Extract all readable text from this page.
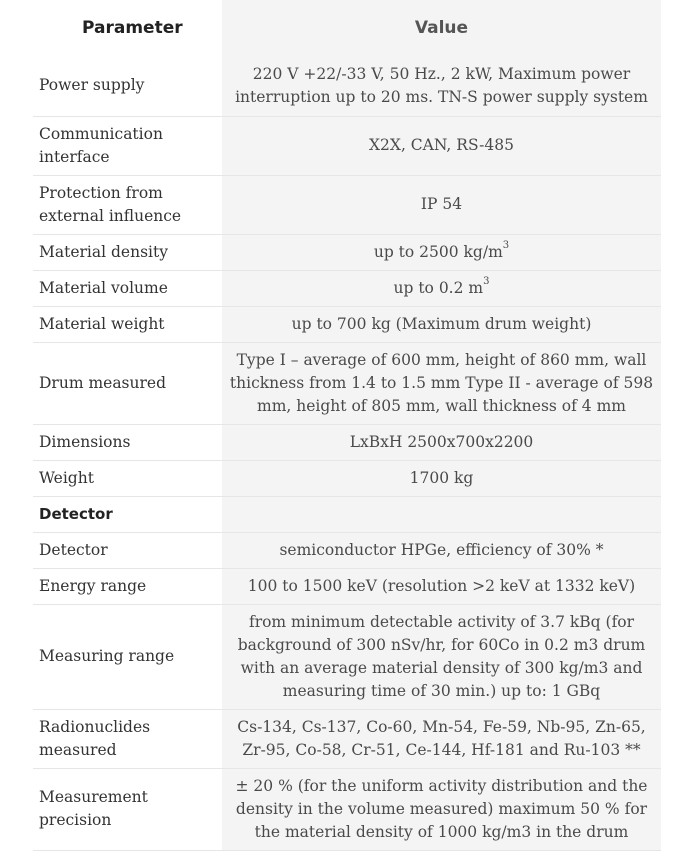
Parameter	Value
Power supply	220 V +22/-33 V, 50 Hz., 2 kW, Maximum power interruption up to 20 ms. TN-S power supply system
Communication interface	X2X, CAN, RS-485
Protection from external influence	IP 54
Material density	up to 2500 $kg/m^3$
Material volume	up to 0.2 $m^3$
Material weight	up to 700 kg (Maximum drum weight)
Drum measured	Type I – average of 600 mm, height of 860 mm, wall thickness from 1.4 to 1.5 mm Type II - average of 598 mm, height of 805 mm, wall thickness of 4 mm
Dimensions	LxBxH 2500x700x2200
Weight	1700 kg
Detector	
Detector	semiconductor HPGe, efficiency of 30% *
Energy range	100 to 1500 keV (resolution >2 keV at 1332 keV)
Measuring range	from minimum detectable activity of 3.7 kBq (for background of 300 nSv/hr, for 60Co in 0.2 m3 drum with an average material density of 300 kg/m3 and measuring time of 30 min.) up to: 1 GBq
Radionuclides measured	Cs-134, Cs-137, Co-60, Mn-54, Fe-59, Nb-95, Zn-65, Zr-95, Co-58, Cr-51, Ce-144, Hf-181 and Ru-103 **
Measurement precision	± 20 % (for the uniform activity distribution and the density in the volume measured) maximum 50 % for the material density of 1000 kg/m3 in the drum
